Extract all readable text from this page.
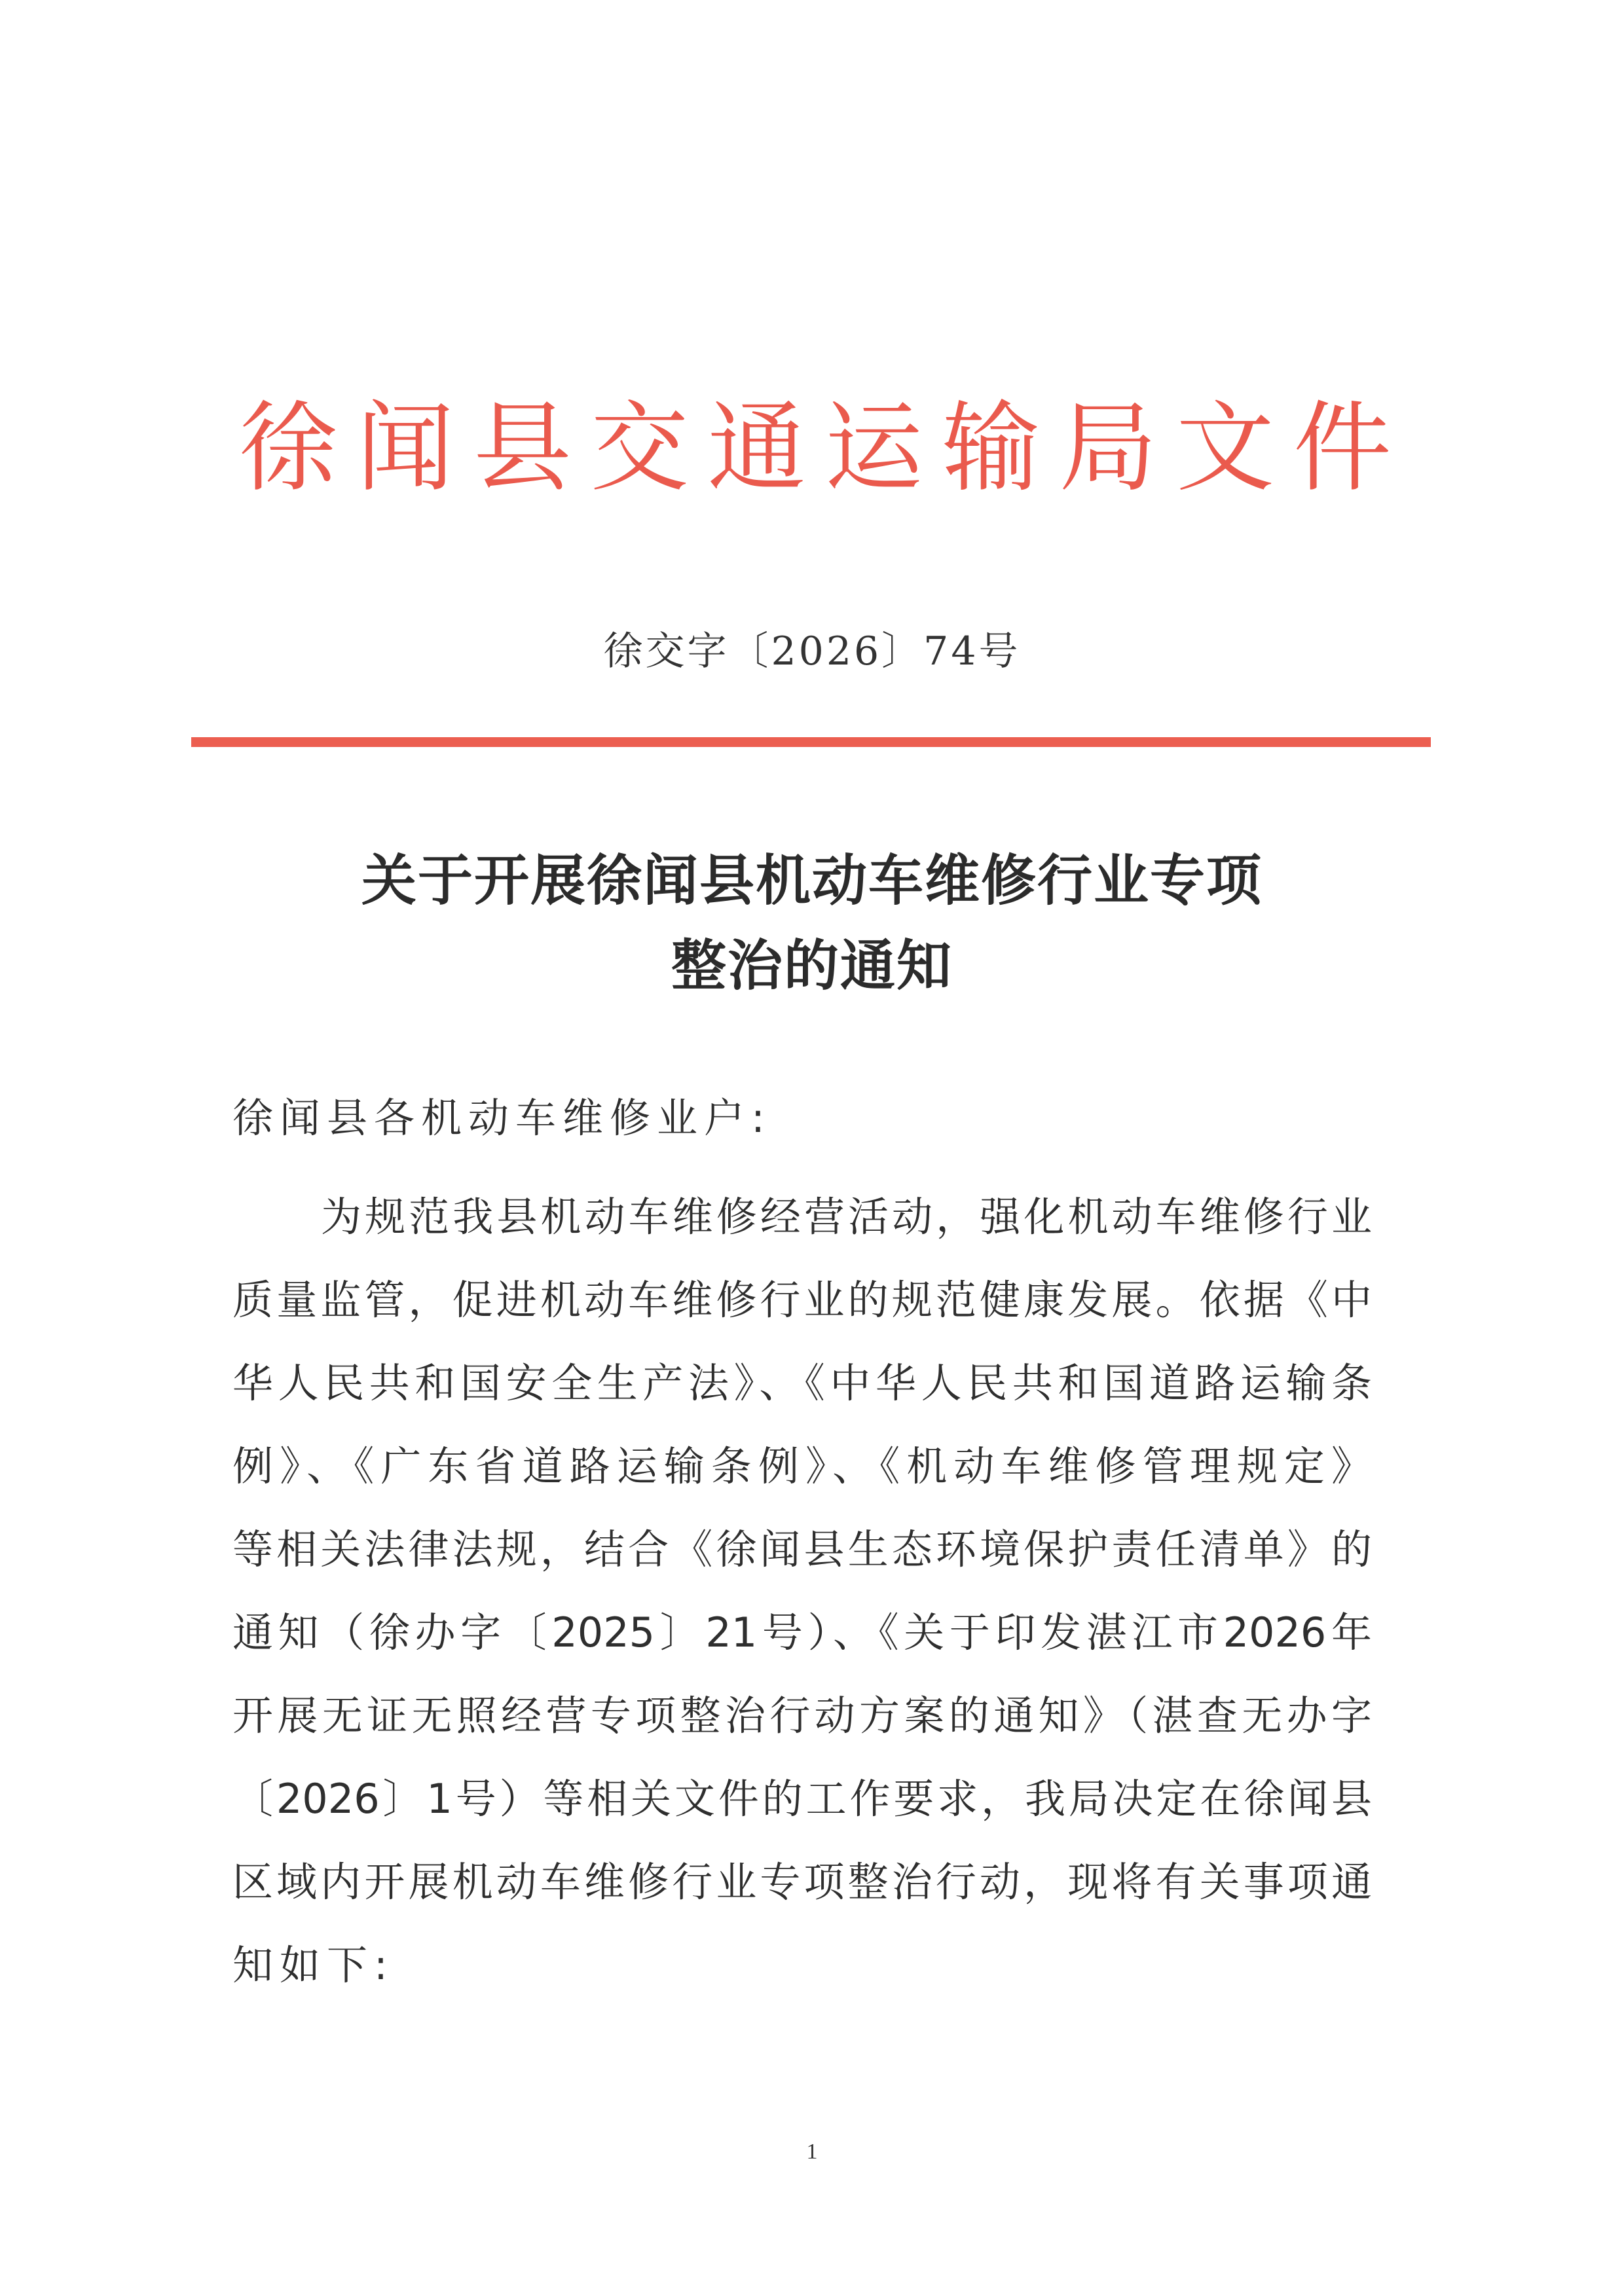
徐 闻 县 交 通 运 输 局 文 件
徐交字〔2026〕74号
关于开展徐闻县机动车维修行业专项
整治的通知
徐闻县各机动车维修业户:
为规范我县机动车维修经营活动，强化机动车维修行业
质量监管，促进机动车维修行业的规范健康发展。依据《中
华人民共和国安全生产法》、《中华人民共和国道路运输条
例》、《广东省道路运输条例》、《机动车维修管理规定》
等相关法律法规，结合《徐闻县生态环境保护责任清单》的
通知（徐办字〔2025〕21号）、《关于印发湛江市2026年
开展无证无照经营专项整治行动方案的通知》（湛查无办字
〔2026〕1号）等相关文件的工作要求，我局决定在徐闻县
区域内开展机动车维修行业专项整治行动，现将有关事项通
知如下:
1
